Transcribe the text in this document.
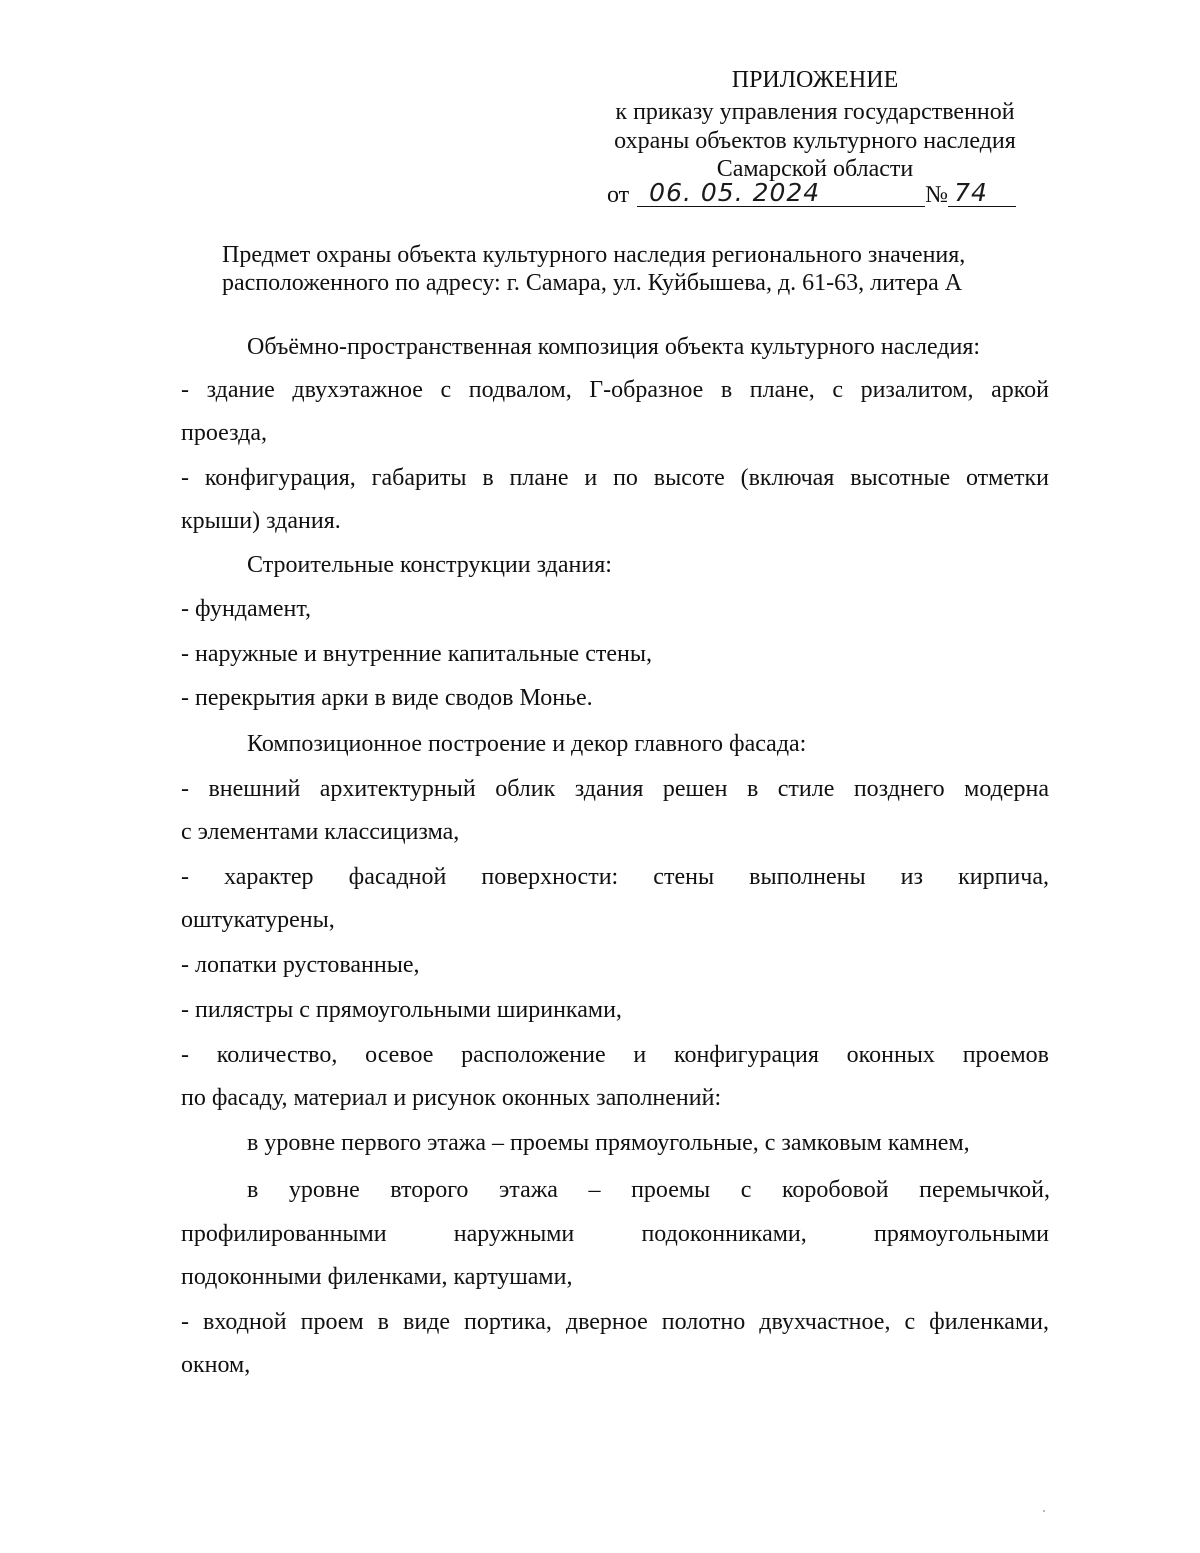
ПРИЛОЖЕНИЕ
к приказу управления государственной
охраны объектов культурного наследия
Самарской области
от 06. 05. 2024	№ 74
Предмет охраны объекта культурного наследия регионального значения,
расположенного по адресу: г. Самара, ул. Куйбышева, д. 61-63, литера А
Объёмно-пространственная композиция объекта культурного наследия:
- здание двухэтажное с подвалом, Г-образное в плане, с ризалитом, аркой
проезда,
- конфигурация, габариты в плане и по высоте (включая высотные отметки
крыши) здания.
Строительные конструкции здания:
- фундамент,
- наружные и внутренние капитальные стены,
- перекрытия арки в виде сводов Монье.
Композиционное построение и декор главного фасада:
- внешний архитектурный облик здания решен в стиле позднего модерна
с элементами классицизма,
- характер фасадной поверхности: стены выполнены из кирпича,
оштукатурены,
- лопатки рустованные,
- пилястры с прямоугольными ширинками,
- количество, осевое расположение и конфигурация оконных проемов
по фасаду, материал и рисунок оконных заполнений:
в уровне первого этажа – проемы прямоугольные, с замковым камнем,
в уровне второго этажа – проемы с коробовой перемычкой,
профилированными наружными подоконниками, прямоугольными
подоконными филенками, картушами,
- входной проем в виде портика, дверное полотно двухчастное, с филенками,
окном,
